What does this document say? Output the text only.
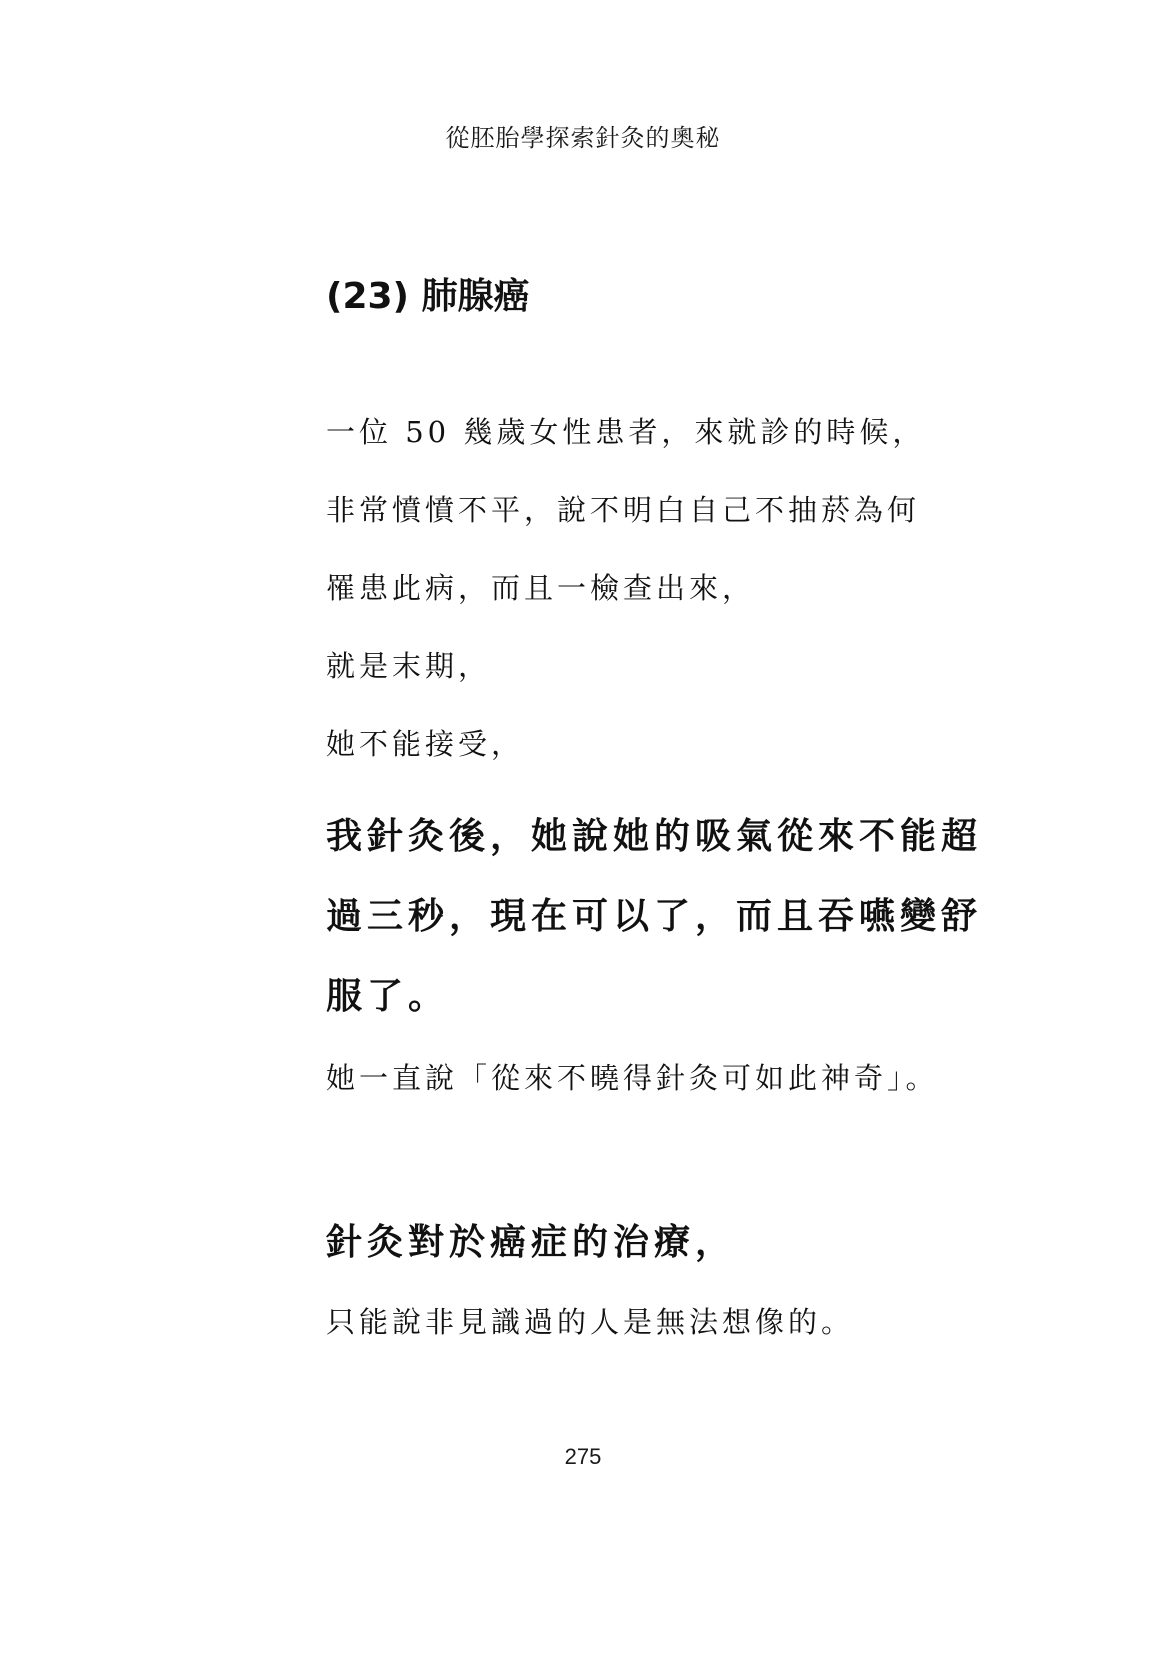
從胚胎學探索針灸的奧秘
(23) 肺腺癌
一位 50 幾歲女性患者，來就診的時候，
非常憤憤不平，說不明白自己不抽菸為何
罹患此病，而且一檢查出來，
就是末期，
她不能接受，
我針灸後，她說她的吸氣從來不能超
過三秒，現在可以了，而且吞嚥變舒
服了。
她一直說「從來不曉得針灸可如此神奇」。
針灸對於癌症的治療，
只能說非見識過的人是無法想像的。
275
